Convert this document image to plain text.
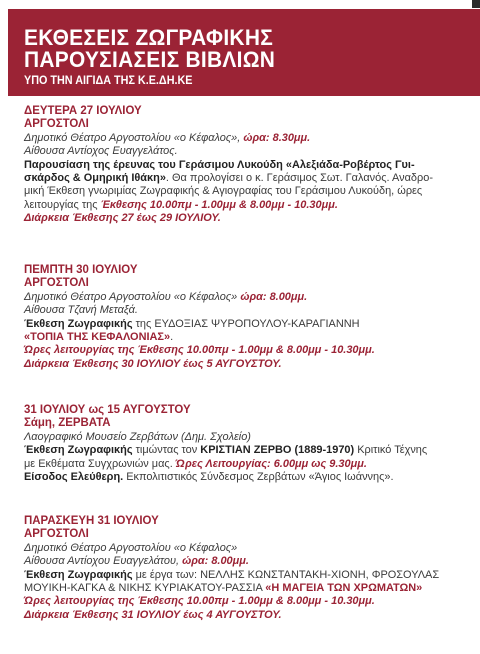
ΕΚΘΕΣΕΙΣ ΖΩΓΡΑΦΙΚΗΣ
ΠΑΡΟΥΣΙΑΣΕΙΣ ΒΙΒΛΙΩΝ
ΥΠΟ ΤΗΝ ΑΙΓΙΔΑ ΤΗΣ Κ.Ε.ΔΗ.ΚΕ
ΔΕΥΤΕΡΑ 27 ΙΟΥΛΙΟΥ
ΑΡΓΟΣΤΟΛΙ
Δημοτικό Θέατρο Αργοστολίου «ο Κέφαλος», ώρα: 8.30μμ.
Αίθουσα Αντίοχος Ευαγγελάτος.
Παρουσίαση της έρευνας του Γεράσιμου Λυκούδη «Αλεξιάδα-Ροβέρτος Γυι-
σκάρδος & Ομηρική Ιθάκη». Θα προλογίσει ο κ. Γεράσιμος Σωτ. Γαλανός. Αναδρο-
μική Έκθεση γνωριμίας Ζωγραφικής & Αγιογραφίας του Γεράσιμου Λυκούδη, ώρες
λειτουργίας της Έκθεσης 10.00πμ - 1.00μμ & 8.00μμ - 10.30μμ.
Διάρκεια Έκθεσης 27 έως 29 ΙΟΥΛΙΟΥ.
ΠΕΜΠΤΗ 30 ΙΟΥΛΙΟΥ
ΑΡΓΟΣΤΟΛΙ
Δημοτικό Θέατρο Αργοστολίου «ο Κέφαλος» ώρα: 8.00μμ.
Αίθουσα Τζανή Μεταξά.
Έκθεση Ζωγραφικής της ΕΥΔΟΞΙΑΣ ΨΥΡΟΠΟΥΛΟΥ-ΚΑΡΑΓΙΑΝΝΗ
«ΤΟΠΙΑ ΤΗΣ ΚΕΦΑΛΟΝΙΑΣ».
Ώρες λειτουργίας της Έκθεσης 10.00πμ - 1.00μμ & 8.00μμ - 10.30μμ.
Διάρκεια Έκθεσης 30 ΙΟΥΛΙΟΥ έως 5 ΑΥΓΟΥΣΤΟΥ.
31 ΙΟΥΛΙΟΥ ως 15 ΑΥΓΟΥΣΤΟΥ
Σάμη, ΖΕΡΒΑΤΑ
Λαογραφικό Μουσείο Ζερβάτων (Δημ. Σχολείο)
Έκθεση Ζωγραφικής τιμώντας τον ΚΡΙΣΤΙΑΝ ΖΕΡΒΟ (1889-1970) Κριτικό Τέχνης
με Εκθέματα Συγχρωνιών μας. Ώρες Λειτουργίας: 6.00μμ ως 9.30μμ.
Είσοδος Ελεύθερη. Εκπολιτιστικός Σύνδεσμος Ζερβάτων «Άγιος Ιωάννης».
ΠΑΡΑΣΚΕΥΗ 31 ΙΟΥΛΙΟΥ
ΑΡΓΟΣΤΟΛΙ
Δημοτικό Θέατρο Αργοστολίου «ο Κέφαλος»
Αίθουσα Αντίοχου Ευαγγελάτου, ώρα: 8.00μμ.
Έκθεση Ζωγραφικής με έργα των: ΝΕΛΛΗΣ ΚΩΝΣΤΑΝΤΑΚΗ-ΧΙΟΝΗ, ΦΡΟΣΟΥΛΑΣ
ΜΟΥΙΚΗ-ΚΑΓΚΑ & ΝΙΚΗΣ ΚΥΡΙΑΚΑΤΟΥ-ΡΑΣΣΙΑ «Η ΜΑΓΕΙΑ ΤΩΝ ΧΡΩΜΑΤΩΝ»
Ώρες λειτουργίας της Έκθεσης 10.00πμ - 1.00μμ & 8.00μμ - 10.30μμ.
Διάρκεια Έκθεσης 31 ΙΟΥΛΙΟΥ έως 4 ΑΥΓΟΥΣΤΟΥ.
